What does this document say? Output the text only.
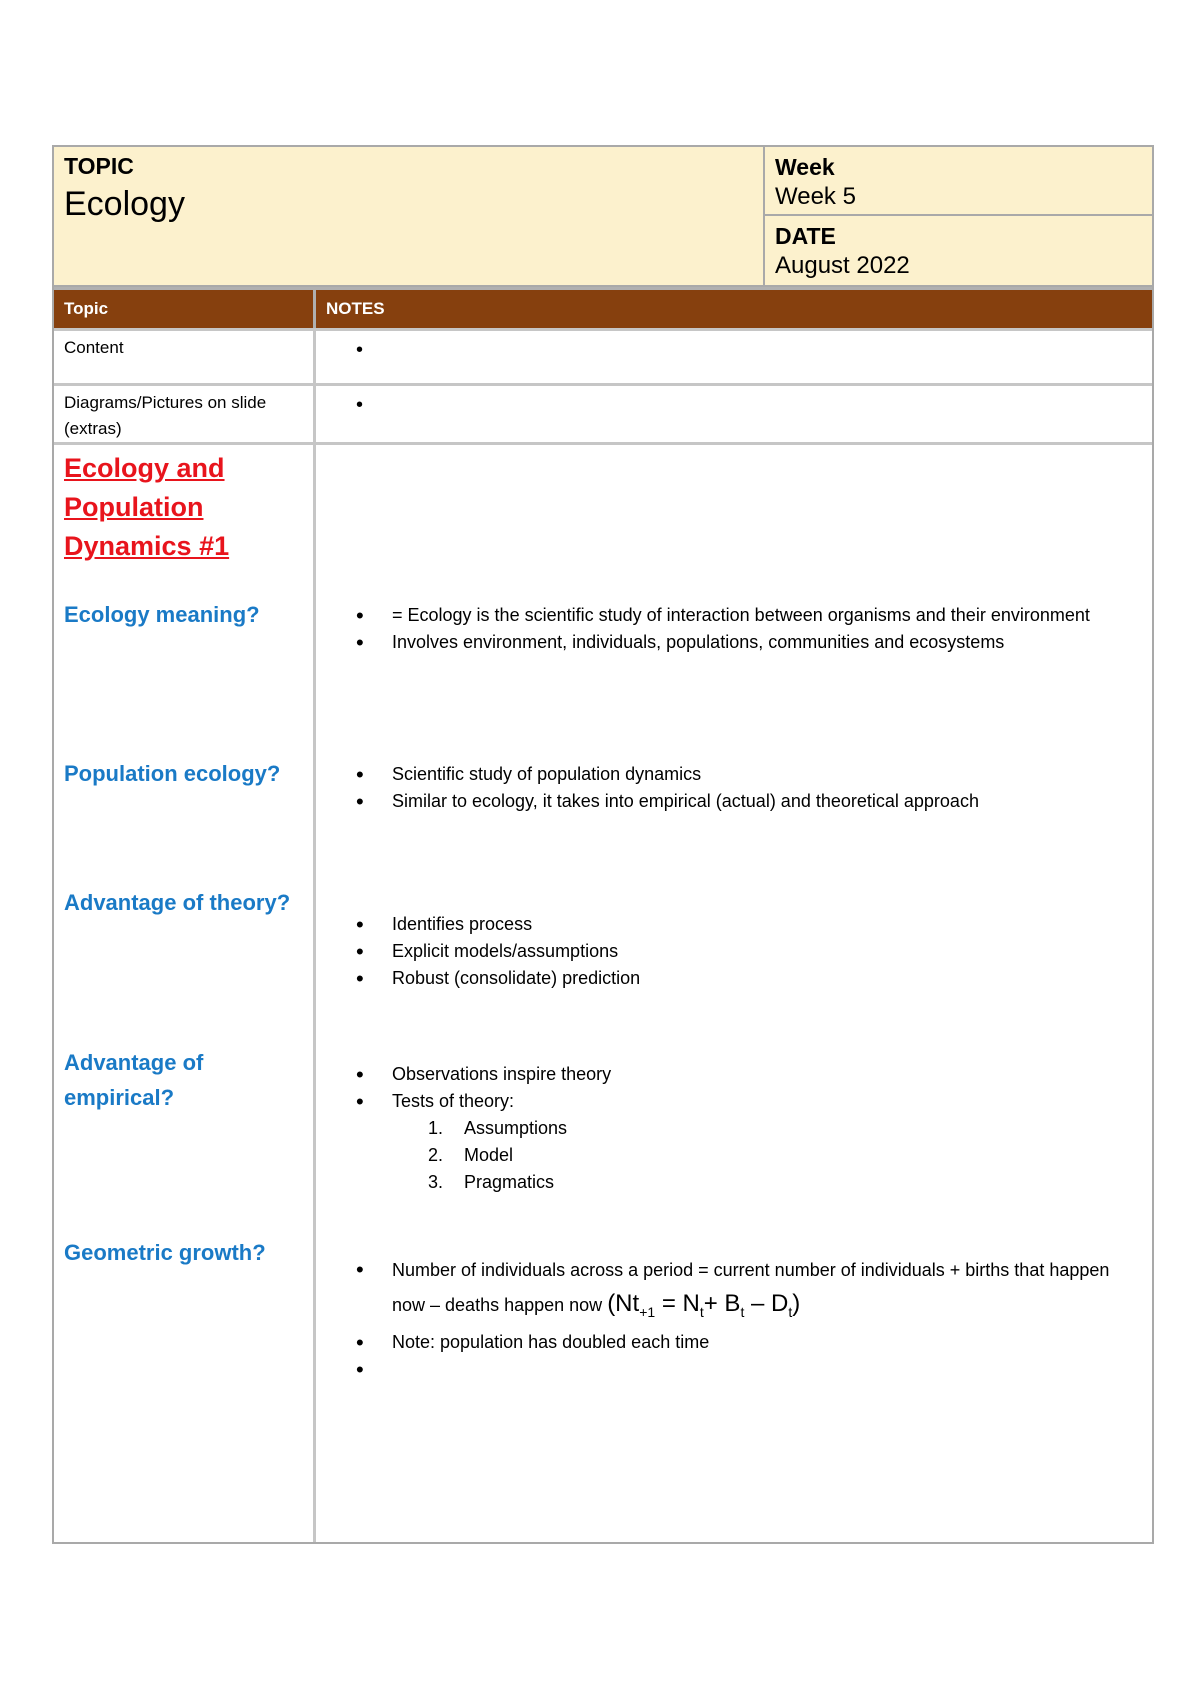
TOPIC
Ecology
Week
Week 5
DATE
August 2022
Topic	NOTES
Content	•
Diagrams/Pictures on slide (extras)
•
Ecology and Population Dynamics #1
Ecology meaning?
Population ecology?
Advantage of theory?
Advantage of empirical?
Geometric growth?
• = Ecology is the scientific study of interaction between organisms and their environment
• Involves environment, individuals, populations, communities and ecosystems
• Scientific study of population dynamics
• Similar to ecology, it takes into empirical (actual) and theoretical approach
• Identifies process
• Explicit models/assumptions
• Robust (consolidate) prediction
• Observations inspire theory
• Tests of theory:
1. Assumptions
2. Model
3. Pragmatics
• Number of individuals across a period = current number of individuals + births that happen now – deaths happen now $(Nt_{+1} = N_t+ B_t - D_t)$
• Note: population has doubled each time
•
